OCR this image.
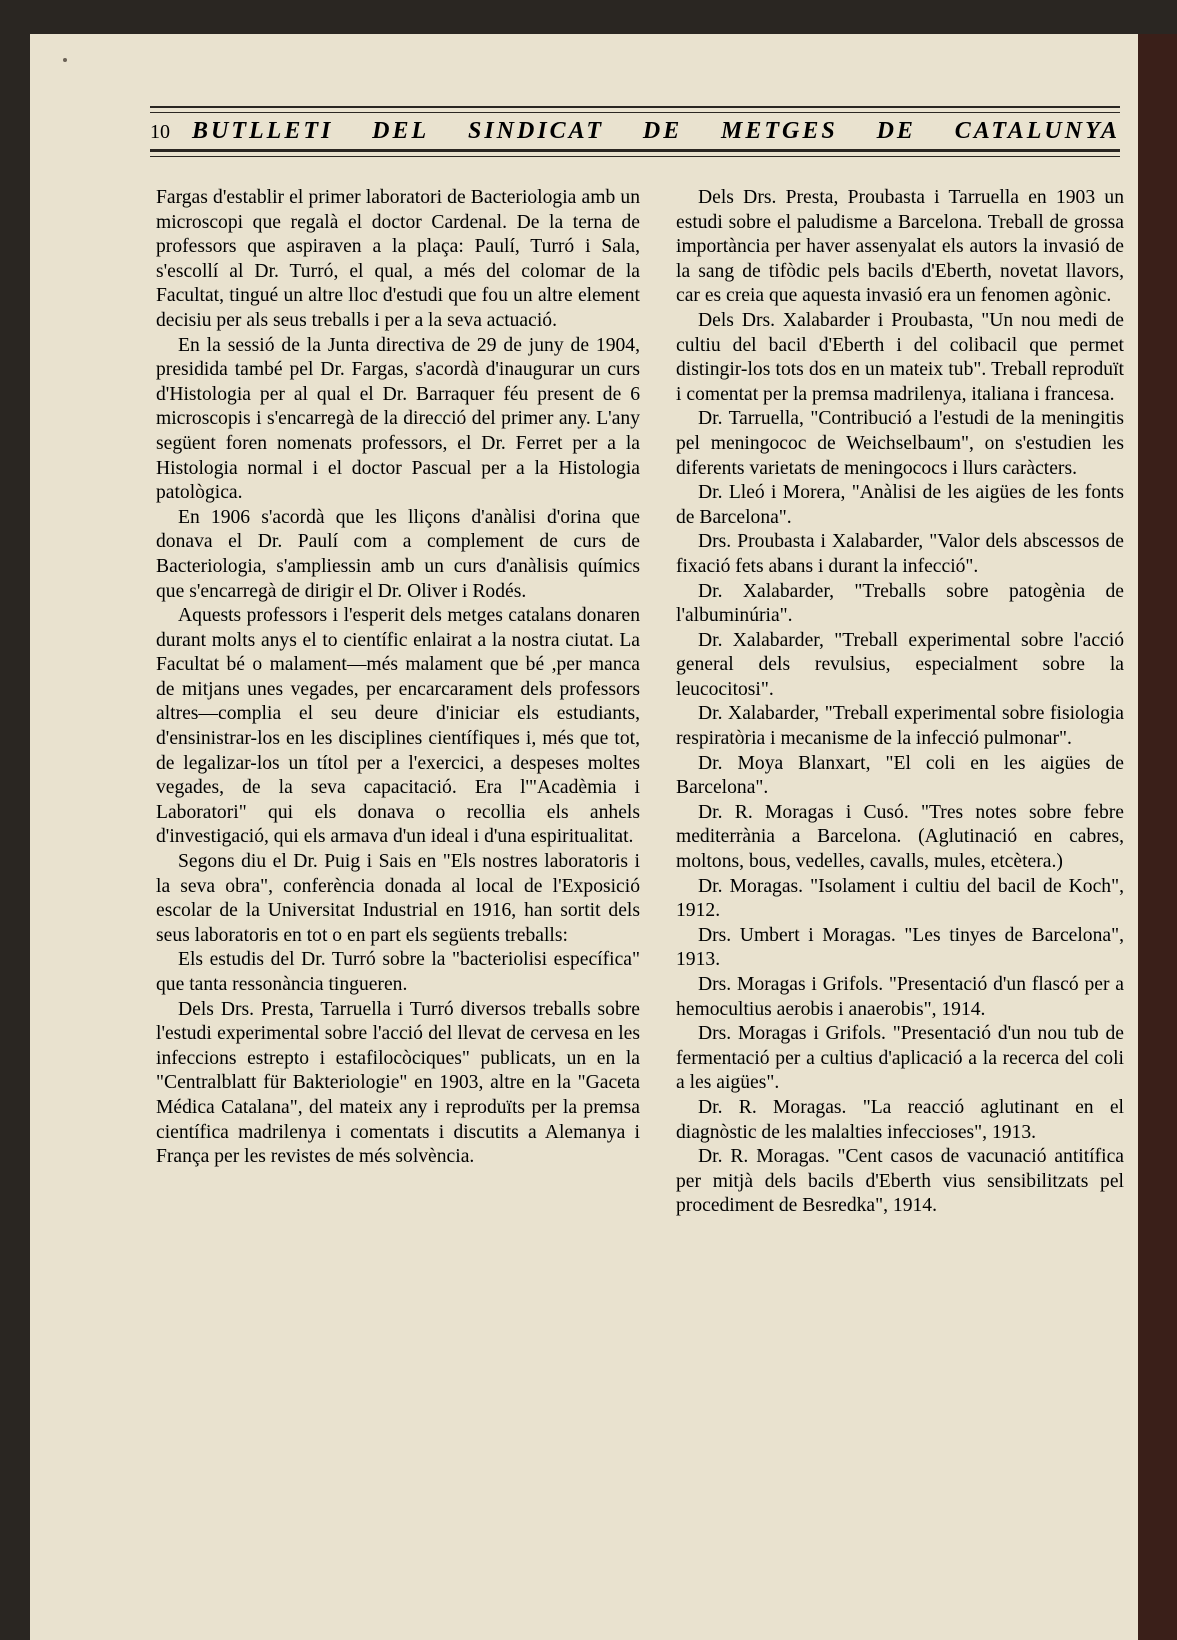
10 BUTLLETI DEL SINDICAT DE METGES DE CATALUNYA

Fargas d'establir el primer laboratori de Bacteriologia amb un microscopi que regalà el doctor Cardenal. De la terna de professors que aspiraven a la plaça: Paulí, Turró i Sala, s'escollí al Dr. Turró, el qual, a més del colomar de la Facultat, tingué un altre lloc d'estudi que fou un altre element decisiu per als seus treballs i per a la seva actuació.

En la sessió de la Junta directiva de 29 de juny de 1904, presidida també pel Dr. Fargas, s'acordà d'inaugurar un curs d'Histologia per al qual el Dr. Barraquer féu present de 6 microscopis i s'encarregà de la direcció del primer any. L'any següent foren nomenats professors, el Dr. Ferret per a la Histologia normal i el doctor Pascual per a la Histologia patològica.

En 1906 s'acordà que les lliçons d'anàlisi d'orina que donava el Dr. Paulí com a complement de curs de Bacteriologia, s'ampliessin amb un curs d'anàlisis químics que s'encarregà de dirigir el Dr. Oliver i Rodés.

Aquests professors i l'esperit dels metges catalans donaren durant molts anys el to científic enlairat a la nostra ciutat. La Facultat bé o malament—més malament que bé ,per manca de mitjans unes vegades, per encarcarament dels professors altres—complia el seu deure d'iniciar els estudiants, d'ensinistrar-los en les disciplines científiques i, més que tot, de legalizar-los un títol per a l'exercici, a despeses moltes vegades, de la seva capacitació. Era l'"Acadèmia i Laboratori" qui els donava o recollia els anhels d'investigació, qui els armava d'un ideal i d'una espiritualitat.

Segons diu el Dr. Puig i Sais en "Els nostres laboratoris i la seva obra", conferència donada al local de l'Exposició escolar de la Universitat Industrial en 1916, han sortit dels seus laboratoris en tot o en part els següents treballs:

Els estudis del Dr. Turró sobre la "bacteriolisi específica" que tanta ressonància tingueren.

Dels Drs. Presta, Tarruella i Turró diversos treballs sobre l'estudi experimental sobre l'acció del llevat de cervesa en les infeccions estrepto i estafilocòciques" publicats, un en la "Centralblatt für Bakteriologie" en 1903, altre en la "Gaceta Médica Catalana", del mateix any i reproduïts per la premsa científica madrilenya i comentats i discutits a Alemanya i França per les revistes de més solvència.

Dels Drs. Presta, Proubasta i Tarruella en 1903 un estudi sobre el paludisme a Barcelona. Treball de grossa importància per haver assenyalat els autors la invasió de la sang de tifòdic pels bacils d'Eberth, novetat llavors, car es creia que aquesta invasió era un fenomen agònic.

Dels Drs. Xalabarder i Proubasta, "Un nou medi de cultiu del bacil d'Eberth i del colibacil que permet distingir-los tots dos en un mateix tub". Treball reproduït i comentat per la premsa madrilenya, italiana i francesa.

Dr. Tarruella, "Contribució a l'estudi de la meningitis pel meningococ de Weichselbaum", on s'estudien les diferents varietats de meningococs i llurs caràcters.

Dr. Lleó i Morera, "Anàlisi de les aigües de les fonts de Barcelona".

Drs. Proubasta i Xalabarder, "Valor dels abscessos de fixació fets abans i durant la infecció".

Dr. Xalabarder, "Treballs sobre patogènia de l'albuminúria".

Dr. Xalabarder, "Treball experimental sobre l'acció general dels revulsius, especialment sobre la leucocitosi".

Dr. Xalabarder, "Treball experimental sobre fisiologia respiratòria i mecanisme de la infecció pulmonar".

Dr. Moya Blanxart, "El coli en les aigües de Barcelona".

Dr. R. Moragas i Cusó. "Tres notes sobre febre mediterrània a Barcelona. (Aglutinació en cabres, moltons, bous, vedelles, cavalls, mules, etcètera.)

Dr. Moragas. "Isolament i cultiu del bacil de Koch", 1912.

Drs. Umbert i Moragas. "Les tinyes de Barcelona", 1913.

Drs. Moragas i Grifols. "Presentació d'un flascó per a hemocultius aerobis i anaerobis", 1914.

Drs. Moragas i Grifols. "Presentació d'un nou tub de fermentació per a cultius d'aplicació a la recerca del coli a les aigües".

Dr. R. Moragas. "La reacció aglutinant en el diagnòstic de les malalties infeccioses", 1913.

Dr. R. Moragas. "Cent casos de vacunació antitífica per mitjà dels bacils d'Eberth vius sensibilitzats pel procediment de Besredka", 1914.
